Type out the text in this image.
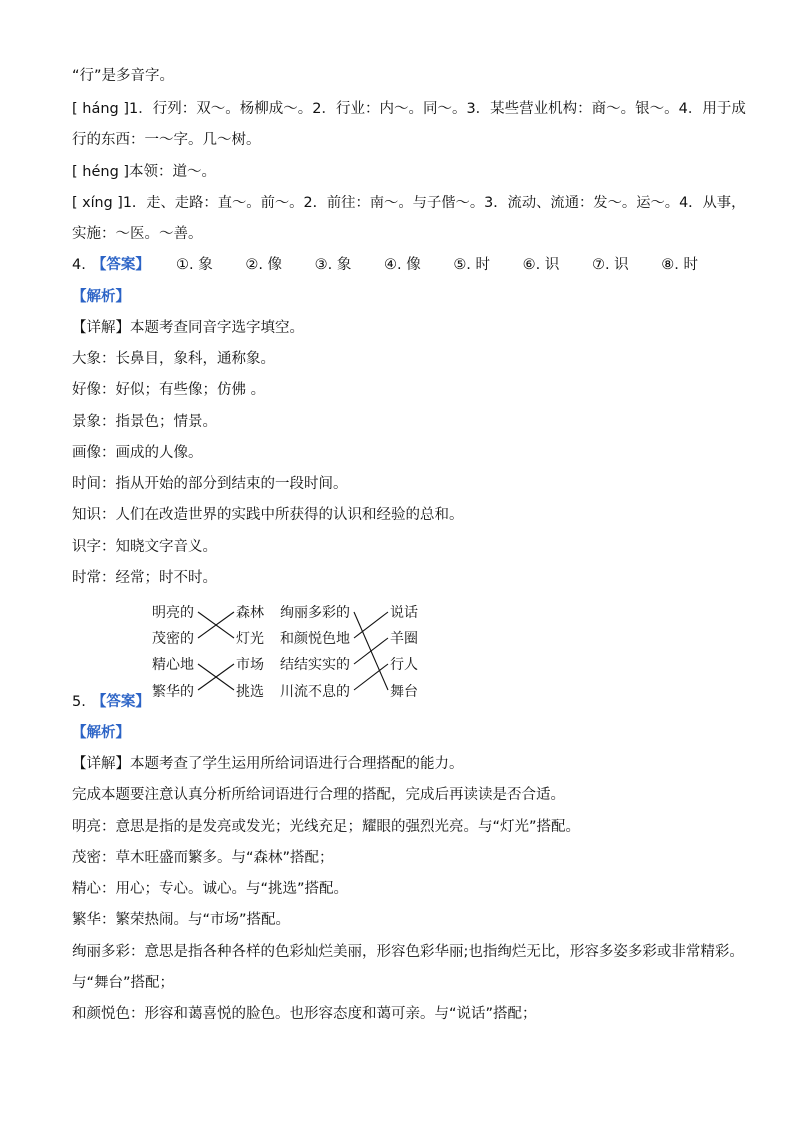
“行”是多音字。
[ háng ]1．行列：双～。杨柳成～。2．行业：内～。同～。3．某些营业机构：商～。银～。4．用于成
行的东西：一～字。几～树。
[ héng ]本领：道～。
[ xíng ]1．走、走路：直～。前～。2．前往：南～。与子偕～。3．流动、流通：发～。运～。4．从事，
实施：～医。～善。
4. 【答案】 ①. 象 ②. 像 ③. 象 ④. 像 ⑤. 时 ⑥. 识 ⑦. 识 ⑧. 时
【解析】
【详解】本题考查同音字选字填空。
大象：长鼻目，象科，通称象。
好像：好似；有些像；仿佛 。
景象：指景色；情景。
画像：画成的人像。
时间：指从开始的部分到结束的一段时间。
知识：人们在改造世界的实践中所获得的认识和经验的总和。
识字：知晓文字音义。
时常：经常；时不时。
明亮的
茂密的
精心地
繁华的
森林
灯光
市场
挑选
绚丽多彩的
和颜悦色地
结结实实的
川流不息的
说话
羊圈
行人
舞台
5. 【答案】
【解析】
【详解】本题考查了学生运用所给词语进行合理搭配的能力。
完成本题要注意认真分析所给词语进行合理的搭配，完成后再读读是否合适。
明亮：意思是指的是发亮或发光；光线充足；耀眼的强烈光亮。与“灯光”搭配。
茂密：草木旺盛而繁多。与“森林”搭配；
精心：用心；专心。诚心。与“挑选”搭配。
繁华：繁荣热闹。与“市场”搭配。
绚丽多彩：意思是指各种各样的色彩灿烂美丽，形容色彩华丽;也指绚烂无比，形容多姿多彩或非常精彩。
与“舞台”搭配；
和颜悦色：形容和蔼喜悦的脸色。也形容态度和蔼可亲。与“说话”搭配；
